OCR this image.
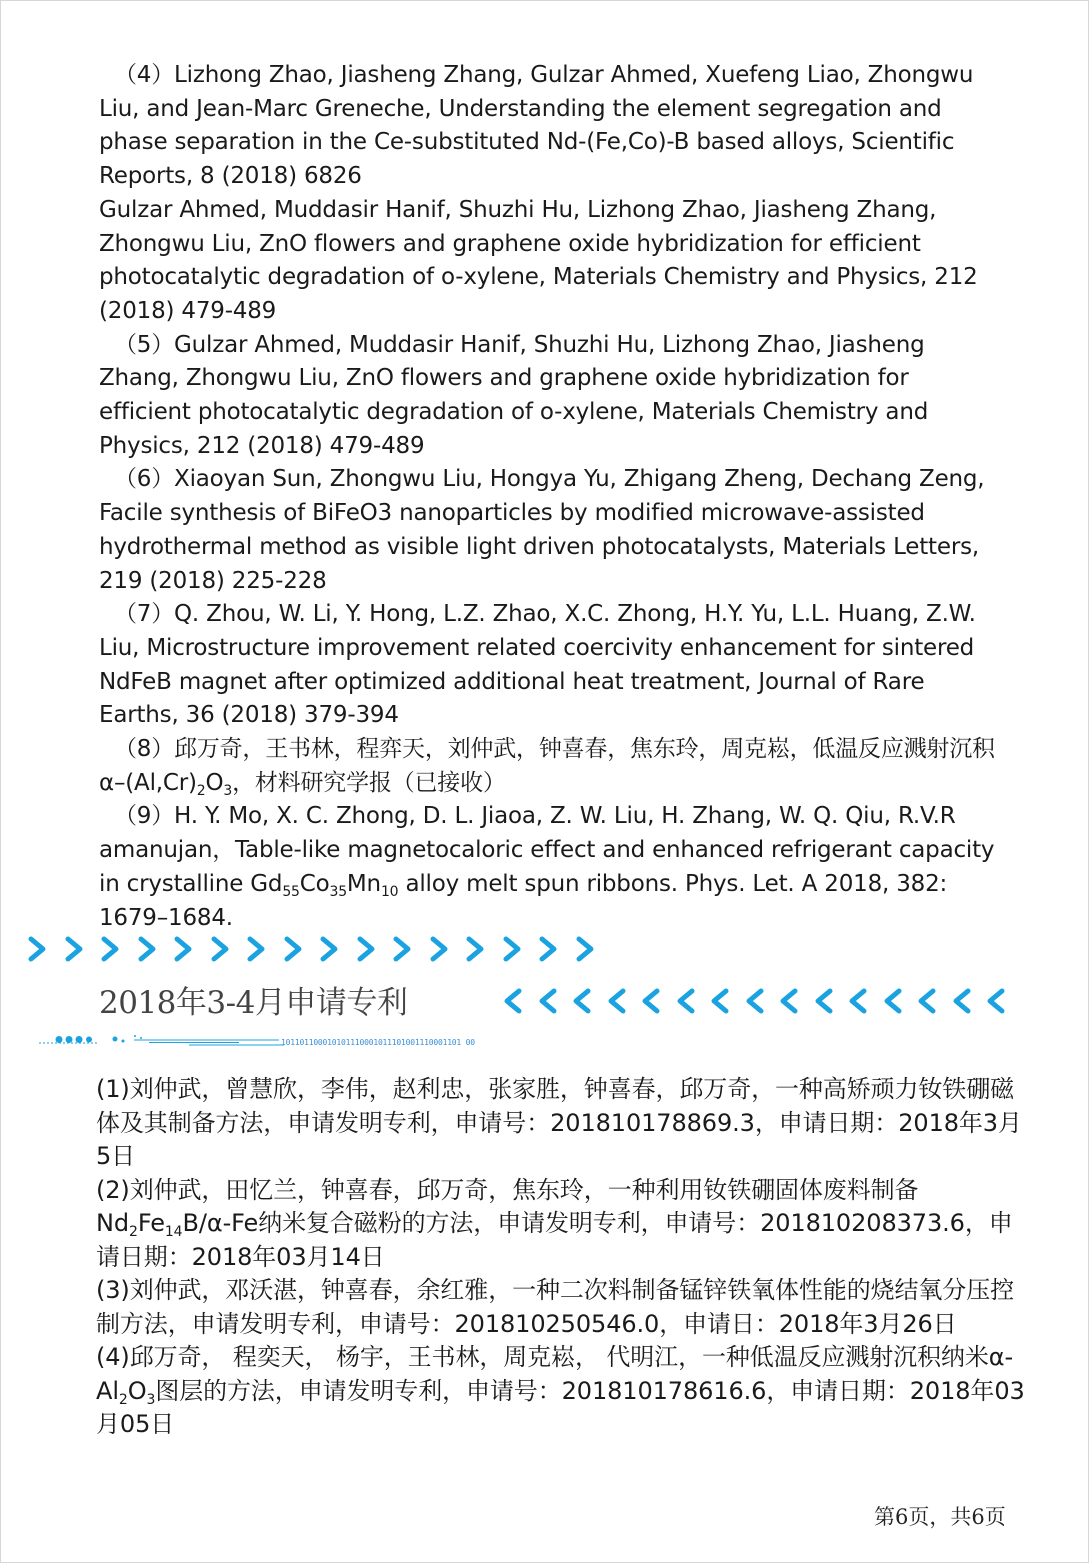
（4）Lizhong Zhao, Jiasheng Zhang, Gulzar Ahmed, Xuefeng Liao, Zhongwu Liu, and Jean-Marc Greneche, Understanding the element segregation and phase separation in the Ce-substituted Nd-(Fe,Co)-B based alloys, Scientific Reports, 8 (2018) 6826

Gulzar Ahmed, Muddasir Hanif, Shuzhi Hu, Lizhong Zhao, Jiasheng Zhang, Zhongwu Liu, ZnO flowers and graphene oxide hybridization for efficient photocatalytic degradation of o-xylene, Materials Chemistry and Physics, 212 (2018) 479-489

（5）Gulzar Ahmed, Muddasir Hanif, Shuzhi Hu, Lizhong Zhao, Jiasheng Zhang, Zhongwu Liu, ZnO flowers and graphene oxide hybridization for efficient photocatalytic degradation of o-xylene, Materials Chemistry and Physics, 212 (2018) 479-489

（6）Xiaoyan Sun, Zhongwu Liu, Hongya Yu, Zhigang Zheng, Dechang Zeng, Facile synthesis of BiFeO3 nanoparticles by modified microwave-assisted hydrothermal method as visible light driven photocatalysts, Materials Letters, 219 (2018) 225-228

（7）Q. Zhou, W. Li, Y. Hong, L.Z. Zhao, X.C. Zhong, H.Y. Yu, L.L. Huang, Z.W. Liu, Microstructure improvement related coercivity enhancement for sintered NdFeB magnet after optimized additional heat treatment, Journal of Rare Earths, 36 (2018) 379-394

（8）邱万奇，王书林，程弈天，刘仲武，钟喜春，焦东玲，周克崧，低温反应溅射沉积$\alpha-(Al,Cr)_2O_3$，材料研究学报（已接收）

（9）H. Y. Mo, X. C. Zhong, D. L. Jiaoa, Z. W. Liu, H. Zhang, W. Q. Qiu, R.V.R amanujan，Table-like magnetocaloric effect and enhanced refrigerant capacity in crystalline $Gd_{55}Co_{35}Mn_{10}$ alloy melt spun ribbons. Phys. Let. A 2018, 382: 1679–1684.

2018年3-4月申请专利
101101100010101110001011101001110001101 00

(1)刘仲武，曾慧欣，李伟，赵利忠，张家胜，钟喜春，邱万奇，一种高矫顽力钕铁硼磁体及其制备方法，申请发明专利，申请号：201810178869.3，申请日期：2018年3月5日

(2)刘仲武，田忆兰，钟喜春，邱万奇，焦东玲，一种利用钕铁硼固体废料制备$Nd_2Fe_{14}B/\alpha-Fe$纳米复合磁粉的方法，申请发明专利，申请号：201810208373.6，申请日期：2018年03月14日

(3)刘仲武，邓沃湛，钟喜春，余红雅，一种二次料制备锰锌铁氧体性能的烧结氧分压控制方法，申请发明专利，申请号：201810250546.0，申请日：2018年3月26日

(4)邱万奇， 程奕天， 杨宇，王书林，周克崧， 代明江，一种低温反应溅射沉积纳米$\alpha-Al_2O_3$图层的方法，申请发明专利，申请号：201810178616.6，申请日期：2018年03月05日

第6页，共6页
